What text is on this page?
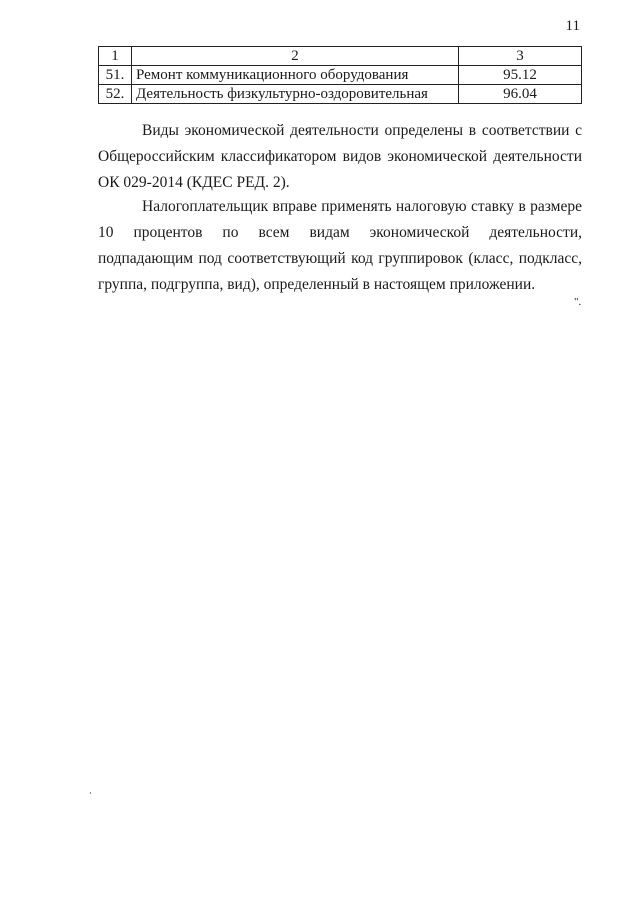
11
1	2	3
51.	Ремонт коммуникационного оборудования	95.12
52.	Деятельность физкультурно-оздоровительная	96.04

Виды экономической деятельности определены в соответствии с Общероссийским классификатором видов экономической деятельности ОК 029-2014 (КДЕС РЕД. 2).

Налогоплательщик вправе применять налоговую ставку в размере 10 процентов по всем видам экономической деятельности, подпадающим под соответствующий код группировок (класс, подкласс, группа, подгруппа, вид), определенный в настоящем приложении.

".
